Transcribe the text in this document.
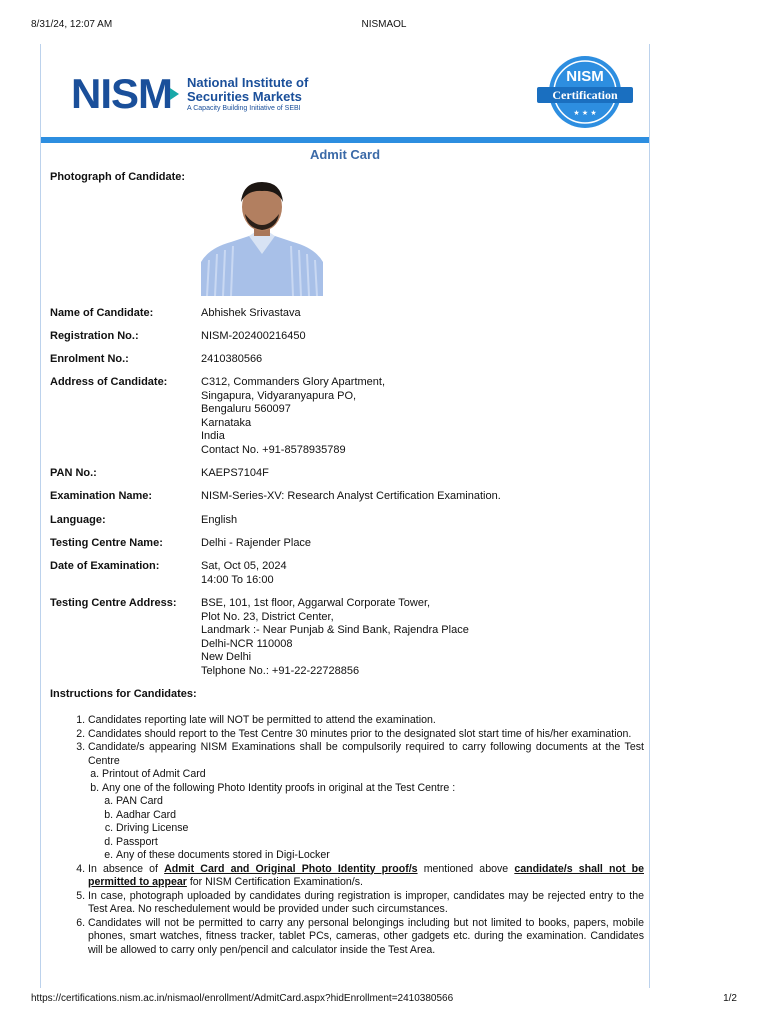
8/31/24, 12:07 AM	NISMAOL
NISM National Institute of
Securities Markets
A Capacity Building Initiative of SEBI
NISM
Certification
★ ★ ★
Admit Card
Photograph of Candidate:
Name of Candidate:	Abhishek Srivastava
Registration No.:	NISM-202400216450
Enrolment No.:	2410380566
Address of Candidate:	C312, Commanders Glory Apartment,
Singapura, Vidyaranyapura PO,
Bengaluru 560097
Karnataka
India
Contact No. +91-8578935789
PAN No.:	KAEPS7104F
Examination Name:	NISM-Series-XV: Research Analyst Certification Examination.
Language:	English
Testing Centre Name:	Delhi - Rajender Place
Date of Examination:	Sat, Oct 05, 2024
14:00 To 16:00
Testing Centre Address: BSE, 101, 1st floor, Aggarwal Corporate Tower,
Plot No. 23, District Center,
Landmark :- Near Punjab & Sind Bank, Rajendra Place
Delhi-NCR 110008
New Delhi
Telphone No.: +91-22-22728856
Instructions for Candidates:
1. Candidates reporting late will NOT be permitted to attend the examination.
2. Candidates should report to the Test Centre 30 minutes prior to the designated slot start time of his/her examination.
3. Candidate/s appearing NISM Examinations shall be compulsorily required to carry following documents at the Test Centre
a. Printout of Admit Card
b. Any one of the following Photo Identity proofs in original at the Test Centre :
a. PAN Card
b. Aadhar Card
c. Driving License
d. Passport
e. Any of these documents stored in Digi-Locker
4. In absence of Admit Card and Original Photo Identity proof/s mentioned above candidate/s shall not be permitted to appear for NISM Certification Examination/s.
5. In case, photograph uploaded by candidates during registration is improper, candidates may be rejected entry to the Test Area. No reschedulement would be provided under such circumstances.
6. Candidates will not be permitted to carry any personal belongings including but not limited to books, papers, mobile phones, smart watches, fitness tracker, tablet PCs, cameras, other gadgets etc. during the examination. Candidates will be allowed to carry only pen/pencil and calculator inside the Test Area.
https://certifications.nism.ac.in/nismaol/enrollment/AdmitCard.aspx?hidEnrollment=2410380566	1/2
